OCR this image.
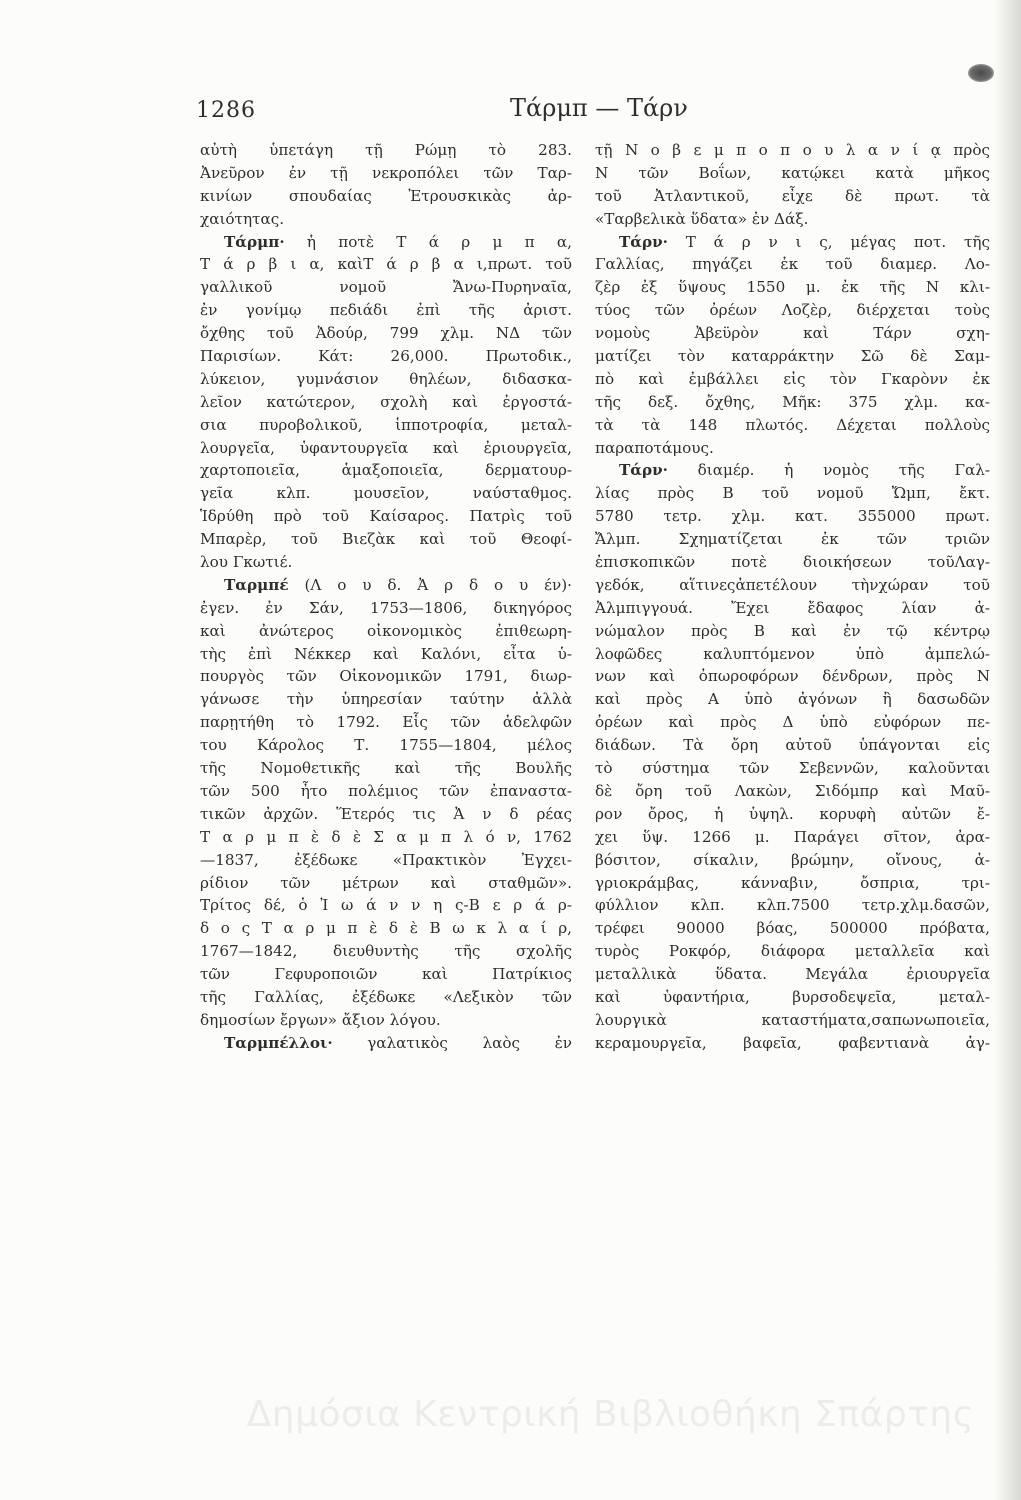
1286	Τάρμπ — Τάρν
αὐτὴ ὑπετάγη τῇ Ρώμῃ τὸ 283.
Ἀνεῦρον ἐν τῇ νεκροπόλει τῶν Ταρ-
κινίων σπουδαίας Ἐτρουσκικὰς ἀρ-
χαιότητας.
Τάρμπ· ἡ ποτὲ Τ ά ρ μ π α,
Τ ά ρ β ι α, καὶΤ ά ρ β α ι,πρωτ. τοῦ
γαλλικοῦ νομοῦ Ἄνω-Πυρηναῖα,
ἐν γονίμῳ πεδιάδι ἐπὶ τῆς ἀριστ.
ὄχθης τοῦ Ἀδούρ, 799 χλμ. ΝΔ τῶν
Παρισίων. Κάτ: 26,000. Πρωτοδικ.,
λύκειον, γυμνάσιον θηλέων, διδασκα-
λεῖον κατώτερον, σχολὴ καὶ ἐργοστά-
σια πυροβολικοῦ, ἱπποτροφία, μεταλ-
λουργεῖα, ὑφαντουργεῖα καὶ ἐριουργεῖα,
χαρτοποιεῖα, ἁμαξοποιεῖα, δερματουρ-
γεῖα κλπ. μουσεῖον, ναύσταθμος.
Ἱδρύθη πρὸ τοῦ Καίσαρος. Πατρὶς τοῦ
Μπαρὲρ, τοῦ Βιεζὰκ καὶ τοῦ Θεοφί-
λου Γκωτιέ.
Ταρμπέ (Λ ο υ δ. Ἀ ρ δ ο υ έν)·
ἐγεν. ἐν Σάν, 1753—1806, δικηγόρος
καὶ ἀνώτερος οἰκονομικὸς ἐπιθεωρη-
τὴς ἐπὶ Νέκκερ καὶ Καλόνι, εἶτα ὑ-
πουργὸς τῶν Οἰκονομικῶν 1791, διωρ-
γάνωσε τὴν ὑπηρεσίαν ταύτην ἀλλὰ
παρῃτήθη τὸ 1792. Εἷς τῶν ἀδελφῶν
του Κάρολος Τ. 1755—1804, μέλος
τῆς Νομοθετικῆς καὶ τῆς Βουλῆς
τῶν 500 ἦτο πολέμιος τῶν ἐπαναστα-
τικῶν ἀρχῶν. Ἕτερός τις Ἀ ν δ ρέας
Τ α ρ μ π ὲ δ ὲ Σ α μ π λ ό ν, 1762
—1837, ἐξέδωκε «Πρακτικὸν Ἐγχει-
ρίδιον τῶν μέτρων καὶ σταθμῶν».
Τρίτος δέ, ὁ Ἰ ω ά ν ν η ς-Β ε ρ ά ρ-
δ ο ς Τ α ρ μ π ὲ δ ὲ Β ω κ λ α ί ρ,
1767—1842, διευθυντὴς τῆς σχολῆς
τῶν Γεφυροποιῶν καὶ Πατρίκιος
τῆς Γαλλίας, ἐξέδωκε «Λεξικὸν τῶν
δημοσίων ἔργων» ἄξιον λόγου.
Ταρμπέλλοι· γαλατικὸς λαὸς ἐν
τῇ Ν ο β ε μ π ο π ο υ λ α ν ί ᾳ πρὸς
Ν τῶν Βοΐων, κατῴκει κατὰ μῆκος
τοῦ Ἀτλαντικοῦ, εἶχε δὲ πρωτ. τὰ
«Ταρβελικὰ ὕδατα» ἐν Δάξ.
Τάρν· Τ ά ρ ν ι ς, μέγας ποτ. τῆς
Γαλλίας, πηγάζει ἐκ τοῦ διαμερ. Λο-
ζὲρ ἐξ ὕψους 1550 μ. ἐκ τῆς Ν κλι-
τύος τῶν ὀρέων Λοζὲρ, διέρχεται τοὺς
νομοὺς Ἀβεϋρὸν καὶ Τάρν σχη-
ματίζει τὸν καταρράκτην Σῶ δὲ Σαμ-
πὸ καὶ ἐμβάλλει εἰς τὸν Γκαρὸνν ἐκ
τῆς δεξ. ὄχθης, Μῆκ: 375 χλμ. κα-
τὰ τὰ 148 πλωτός. Δέχεται πολλοὺς
παραποτάμους.
Τάρν· διαμέρ. ἡ νομὸς τῆς Γαλ-
λίας πρὸς Β τοῦ νομοῦ Ὤμπ, ἔκτ.
5780 τετρ. χλμ. κατ. 355000 πρωτ.
Ἄλμπ. Σχηματίζεται ἐκ τῶν τριῶν
ἐπισκοπικῶν ποτὲ διοικήσεων τοῦΛαγ-
γεδόκ, αἵτινεςἀπετέλουν τὴνχώραν τοῦ
Ἀλμπιγγουά. Ἔχει ἔδαφος λίαν ἀ-
νώμαλον πρὸς Β καὶ ἐν τῷ κέντρῳ
λοφῶδες καλυπτόμενον ὑπὸ ἀμπελώ-
νων καὶ ὀπωροφόρων δένδρων, πρὸς Ν
καὶ πρὸς Α ὑπὸ ἀγόνων ἢ δασωδῶν
ὀρέων καὶ πρὸς Δ ὑπὸ εὐφόρων πε-
διάδων. Τὰ ὄρη αὐτοῦ ὑπάγονται εἰς
τὸ σύστημα τῶν Σεβεννῶν, καλοῦνται
δὲ ὄρη τοῦ Λακὼν, Σιδόμπρ καὶ Μαῦ-
ρον ὄρος, ἡ ὑψηλ. κορυφὴ αὐτῶν ἔ-
χει ὕψ. 1266 μ. Παράγει σῖτον, ἀρα-
βόσιτον, σίκαλιν, βρώμην, οἴνους, ἀ-
γριοκράμβας, κάνναβιν, ὄσπρια, τρι-
φύλλιον κλπ. κλπ.7500 τετρ.χλμ.δασῶν,
τρέφει 90000 βόας, 500000 πρόβατα,
τυρὸς Ροκφόρ, διάφορα μεταλλεῖα καὶ
μεταλλικὰ ὕδατα. Μεγάλα ἐριουργεῖα
καὶ ὑφαντήρια, βυρσοδεψεῖα, μεταλ-
λουργικὰ καταστήματα,σαπωνωποιεῖα,
κεραμουργεῖα, βαφεῖα, φαβεντιανὰ ἀγ-
Δημόσια Κεντρική Βιβλιοθήκη Σπάρτης
